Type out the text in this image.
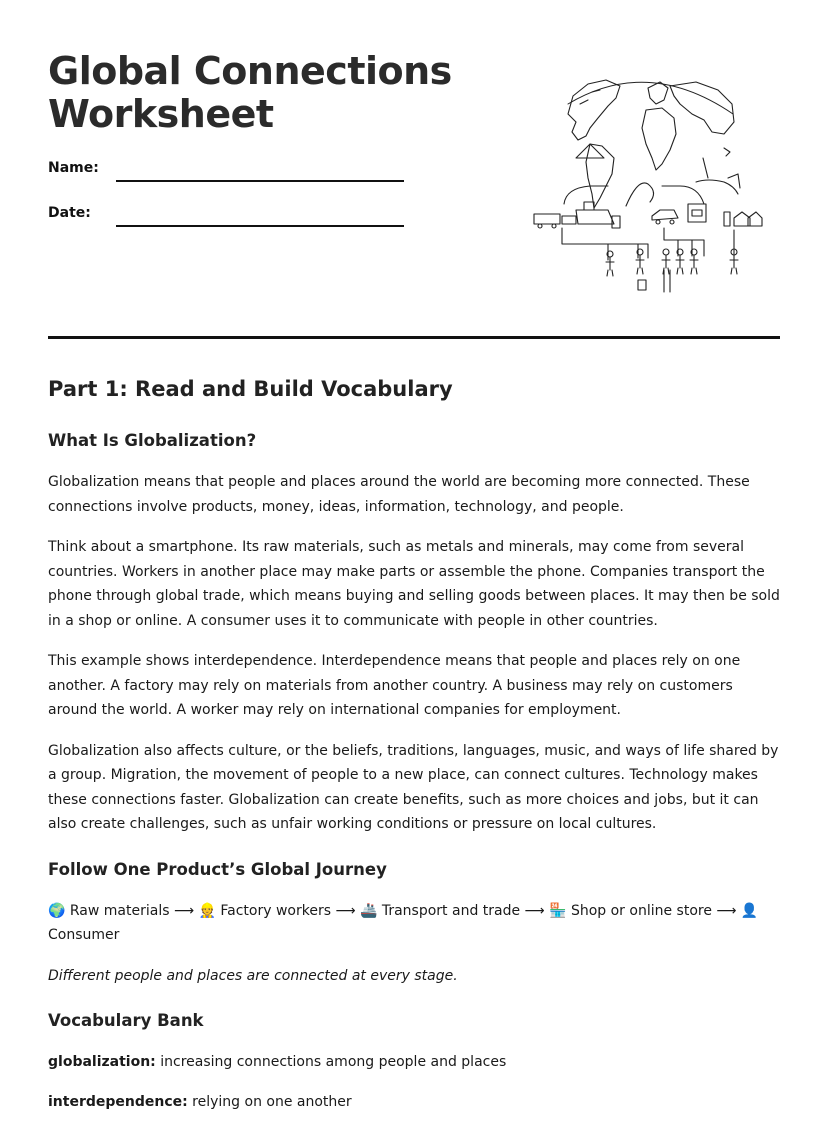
Global Connections
Worksheet
Name:
Date:
Part 1: Read and Build Vocabulary
What Is Globalization?

Globalization means that people and places around the world are becoming more connected. These connections involve products, money, ideas, information, technology, and people.

Think about a smartphone. Its raw materials, such as metals and minerals, may come from several countries. Workers in another place may make parts or assemble the phone. Companies transport the phone through global trade, which means buying and selling goods between places. It may then be sold in a shop or online. A consumer uses it to communicate with people in other countries.

This example shows interdependence. Interdependence means that people and places rely on one another. A factory may rely on materials from another country. A business may rely on customers around the world. A worker may rely on international companies for employment.

Globalization also affects culture, or the beliefs, traditions, languages, music, and ways of life shared by a group. Migration, the movement of people to a new place, can connect cultures. Technology makes these connections faster. Globalization can create benefits, such as more choices and jobs, but it can also create challenges, such as unfair working conditions or pressure on local cultures.

Follow One Product’s Global Journey

🌍 Raw materials ⟶ 👷 Factory workers ⟶ 🚢 Transport and trade ⟶ 🏪 Shop or online store ⟶ 👤 Consumer

Different people and places are connected at every stage.

Vocabulary Bank
globalization: increasing connections among people and places
interdependence: relying on one another
